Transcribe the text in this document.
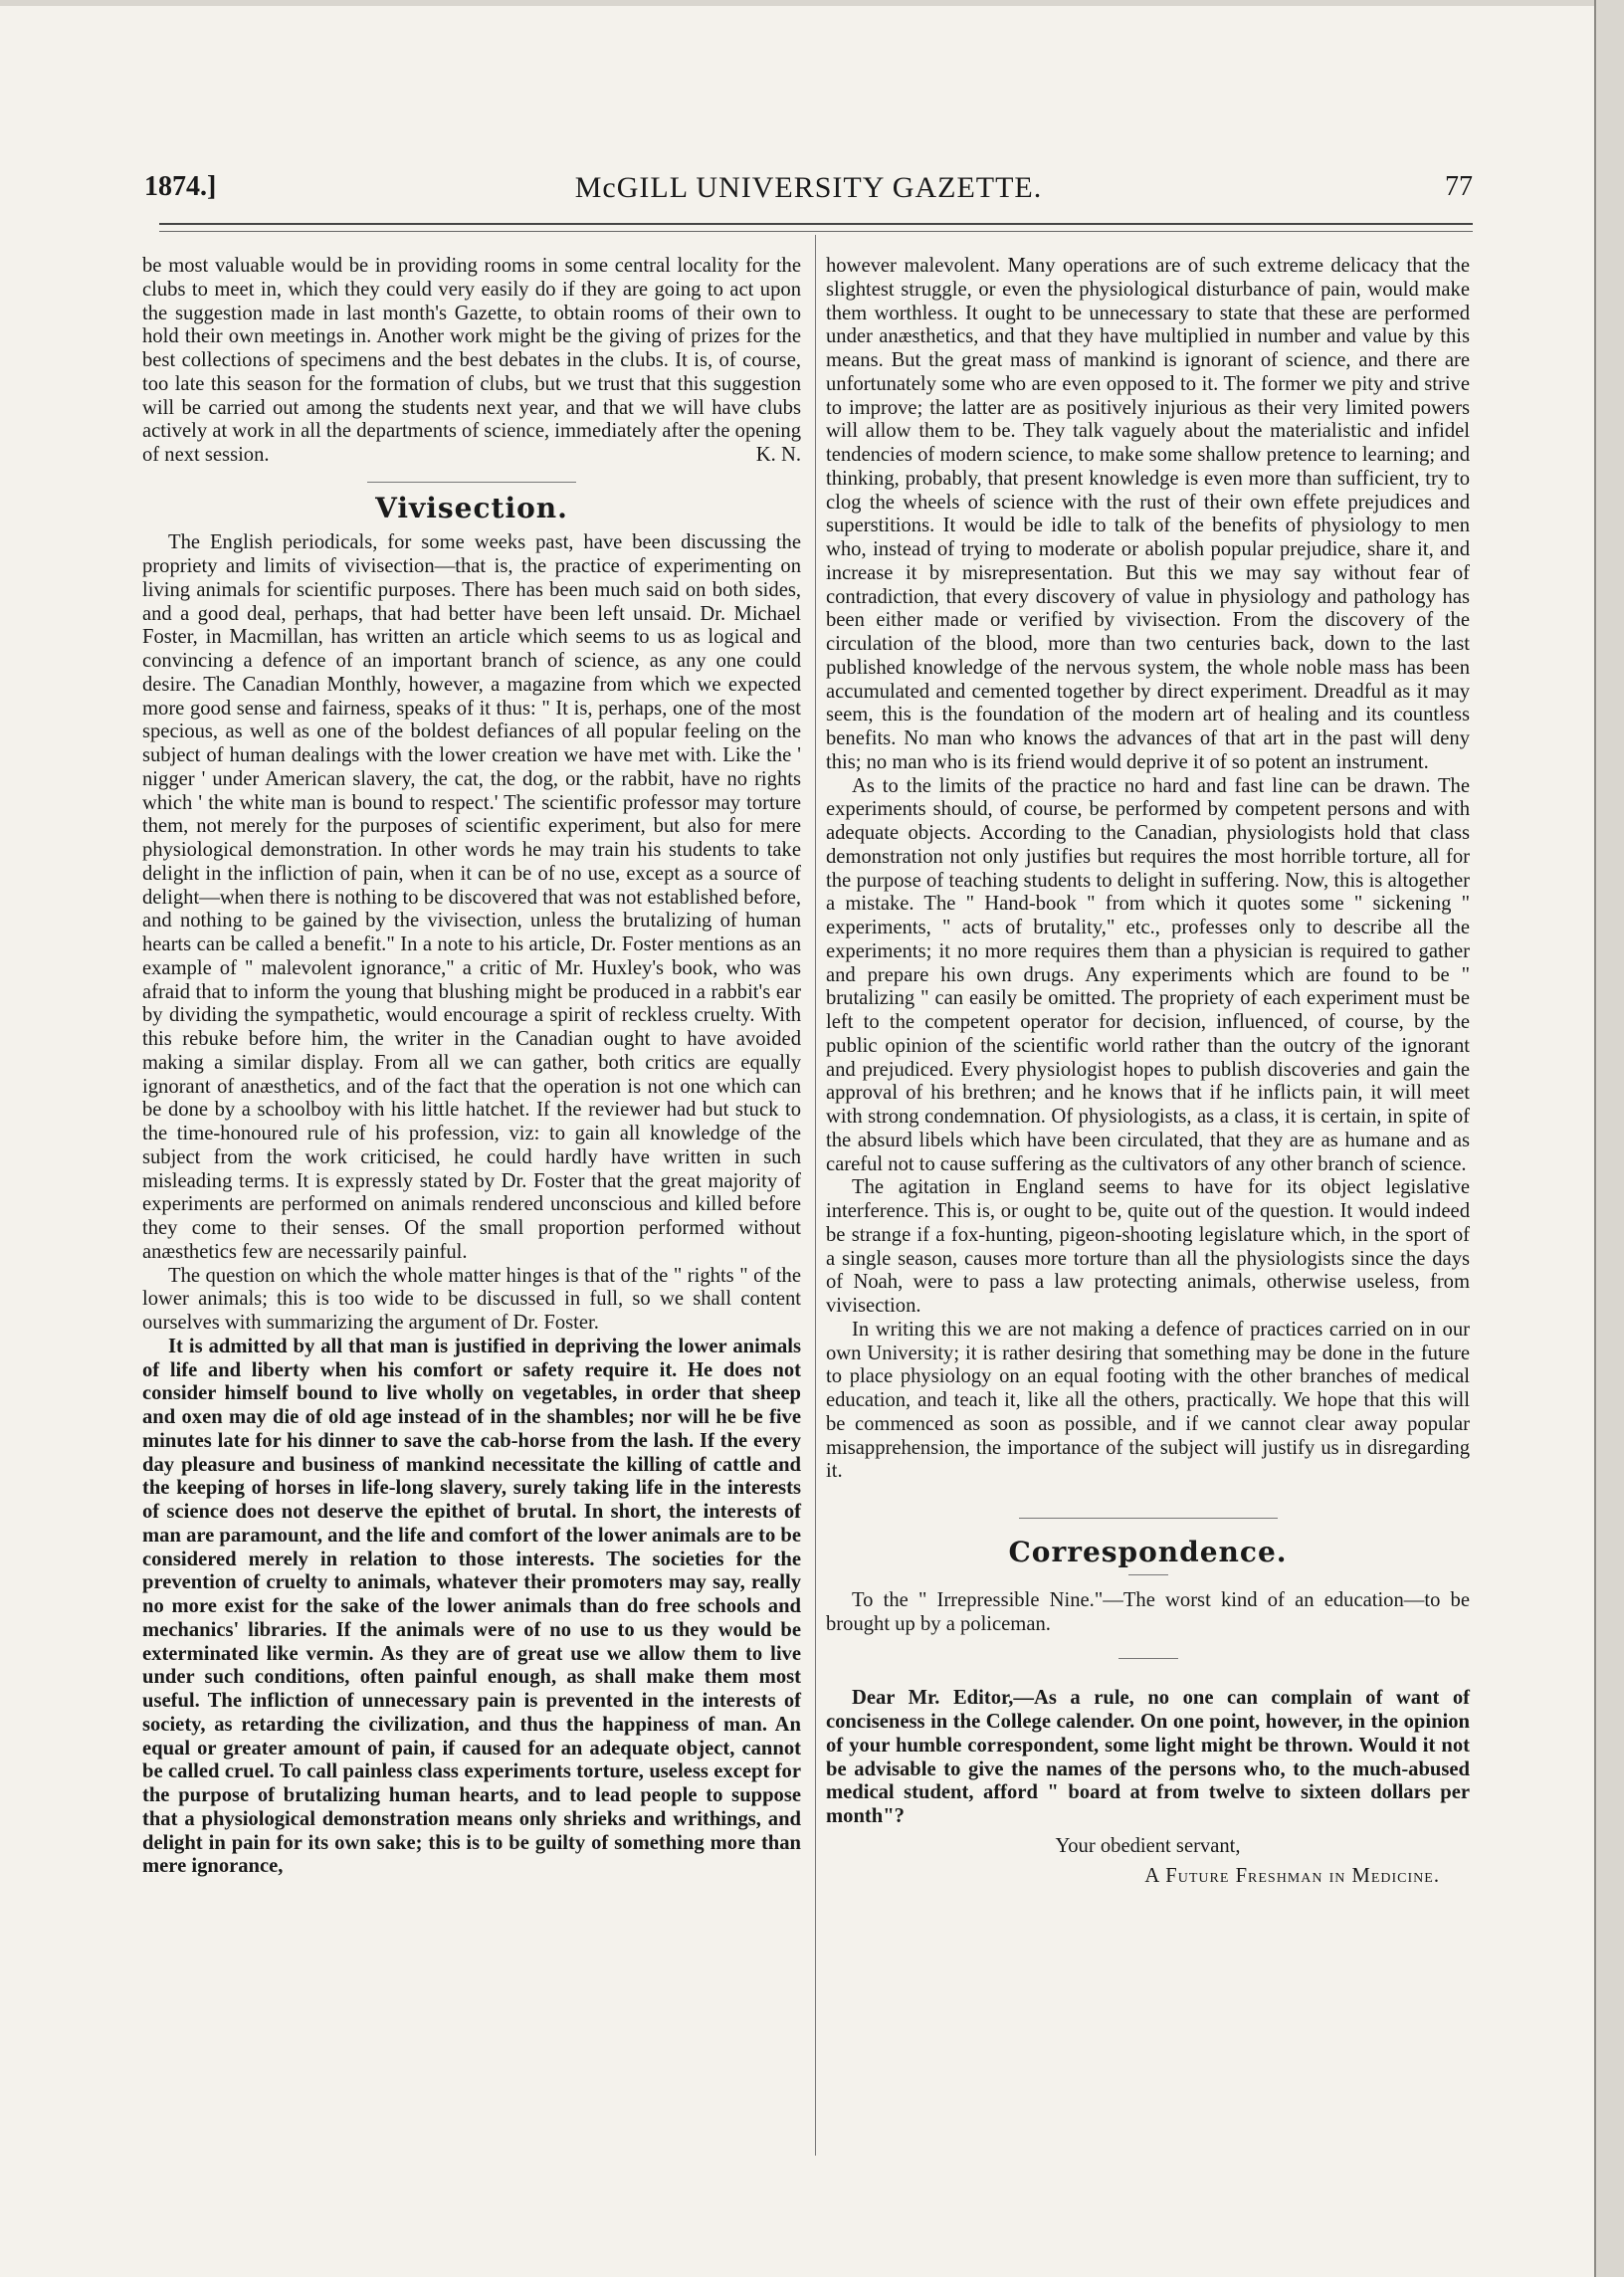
1874.]	McGILL UNIVERSITY GAZETTE.	77

be most valuable would be in providing rooms in some central locality for the clubs to meet in, which they could very easily do if they are going to act upon the suggestion made in last month's Gazette, to obtain rooms of their own to hold their own meetings in. Another work might be the giving of prizes for the best collections of specimens and the best debates in the clubs. It is, of course, too late this season for the formation of clubs, but we trust that this suggestion will be carried out among the students next year, and that we will have clubs actively at work in all the departments of science, immediately after the opening of next session.	K. N.

Vivisection.

The English periodicals, for some weeks past, have been discussing the propriety and limits of vivisection—that is, the practice of experimenting on living animals for scientific purposes. There has been much said on both sides, and a good deal, perhaps, that had better have been left unsaid. Dr. Michael Foster, in Macmillan, has written an article which seems to us as logical and convincing a defence of an important branch of science, as any one could desire. The Canadian Monthly, however, a magazine from which we expected more good sense and fairness, speaks of it thus: " It is, perhaps, one of the most specious, as well as one of the boldest defiances of all popular feeling on the subject of human dealings with the lower creation we have met with. Like the ' nigger ' under American slavery, the cat, the dog, or the rabbit, have no rights which ' the white man is bound to respect.' The scientific professor may torture them, not merely for the purposes of scientific experiment, but also for mere physiological demonstration. In other words he may train his students to take delight in the infliction of pain, when it can be of no use, except as a source of delight—when there is nothing to be discovered that was not established before, and nothing to be gained by the vivisection, unless the brutalizing of human hearts can be called a benefit." In a note to his article, Dr. Foster mentions as an example of " malevolent ignorance," a critic of Mr. Huxley's book, who was afraid that to inform the young that blushing might be produced in a rabbit's ear by dividing the sympathetic, would encourage a spirit of reckless cruelty. With this rebuke before him, the writer in the Canadian ought to have avoided making a similar display. From all we can gather, both critics are equally ignorant of anæsthetics, and of the fact that the operation is not one which can be done by a schoolboy with his little hatchet. If the reviewer had but stuck to the time-honoured rule of his profession, viz: to gain all knowledge of the subject from the work criticised, he could hardly have written in such misleading terms. It is expressly stated by Dr. Foster that the great majority of experiments are performed on animals rendered unconscious and killed before they come to their senses. Of the small proportion performed without anæsthetics few are necessarily painful.

The question on which the whole matter hinges is that of the " rights " of the lower animals; this is too wide to be discussed in full, so we shall content ourselves with summarizing the argument of Dr. Foster.

It is admitted by all that man is justified in depriving the lower animals of life and liberty when his comfort or safety require it. He does not consider himself bound to live wholly on vegetables, in order that sheep and oxen may die of old age instead of in the shambles; nor will he be five minutes late for his dinner to save the cab-horse from the lash. If the every day pleasure and business of mankind necessitate the killing of cattle and the keeping of horses in life-long slavery, surely taking life in the interests of science does not deserve the epithet of brutal. In short, the interests of man are paramount, and the life and comfort of the lower animals are to be considered merely in relation to those interests. The societies for the prevention of cruelty to animals, whatever their promoters may say, really no more exist for the sake of the lower animals than do free schools and mechanics' libraries. If the animals were of no use to us they would be exterminated like vermin. As they are of great use we allow them to live under such conditions, often painful enough, as shall make them most useful. The infliction of unnecessary pain is prevented in the interests of society, as retarding the civilization, and thus the happiness of man. An equal or greater amount of pain, if caused for an adequate object, cannot be called cruel. To call painless class experiments torture, useless except for the purpose of brutalizing human hearts, and to lead people to suppose that a physiological demonstration means only shrieks and writhings, and delight in pain for its own sake; this is to be guilty of something more than mere ignorance,

however malevolent. Many operations are of such extreme delicacy that the slightest struggle, or even the physiological disturbance of pain, would make them worthless. It ought to be unnecessary to state that these are performed under anæsthetics, and that they have multiplied in number and value by this means. But the great mass of mankind is ignorant of science, and there are unfortunately some who are even opposed to it. The former we pity and strive to improve; the latter are as positively injurious as their very limited powers will allow them to be. They talk vaguely about the materialistic and infidel tendencies of modern science, to make some shallow pretence to learning; and thinking, probably, that present knowledge is even more than sufficient, try to clog the wheels of science with the rust of their own effete prejudices and superstitions. It would be idle to talk of the benefits of physiology to men who, instead of trying to moderate or abolish popular prejudice, share it, and increase it by misrepresentation. But this we may say without fear of contradiction, that every discovery of value in physiology and pathology has been either made or verified by vivisection. From the discovery of the circulation of the blood, more than two centuries back, down to the last published knowledge of the nervous system, the whole noble mass has been accumulated and cemented together by direct experiment. Dreadful as it may seem, this is the foundation of the modern art of healing and its countless benefits. No man who knows the advances of that art in the past will deny this; no man who is its friend would deprive it of so potent an instrument.

As to the limits of the practice no hard and fast line can be drawn. The experiments should, of course, be performed by competent persons and with adequate objects. According to the Canadian, physiologists hold that class demonstration not only justifies but requires the most horrible torture, all for the purpose of teaching students to delight in suffering. Now, this is altogether a mistake. The " Hand-book " from which it quotes some " sickening " experiments, " acts of brutality," etc., professes only to describe all the experiments; it no more requires them than a physician is required to gather and prepare his own drugs. Any experiments which are found to be " brutalizing " can easily be omitted. The propriety of each experiment must be left to the competent operator for decision, influenced, of course, by the public opinion of the scientific world rather than the outcry of the ignorant and prejudiced. Every physiologist hopes to publish discoveries and gain the approval of his brethren; and he knows that if he inflicts pain, it will meet with strong condemnation. Of physiologists, as a class, it is certain, in spite of the absurd libels which have been circulated, that they are as humane and as careful not to cause suffering as the cultivators of any other branch of science.

The agitation in England seems to have for its object legislative interference. This is, or ought to be, quite out of the question. It would indeed be strange if a fox-hunting, pigeon-shooting legislature which, in the sport of a single season, causes more torture than all the physiologists since the days of Noah, were to pass a law protecting animals, otherwise useless, from vivisection.

In writing this we are not making a defence of practices carried on in our own University; it is rather desiring that something may be done in the future to place physiology on an equal footing with the other branches of medical education, and teach it, like all the others, practically. We hope that this will be commenced as soon as possible, and if we cannot clear away popular misapprehension, the importance of the subject will justify us in disregarding it.

Correspondence.

To the " Irrepressible Nine."—The worst kind of an education—to be brought up by a policeman.

Dear Mr. Editor,—As a rule, no one can complain of want of conciseness in the College calender. On one point, however, in the opinion of your humble correspondent, some light might be thrown. Would it not be advisable to give the names of the persons who, to the much-abused medical student, afford " board at from twelve to sixteen dollars per month"?

Your obedient servant,

A Future Freshman in Medicine.
